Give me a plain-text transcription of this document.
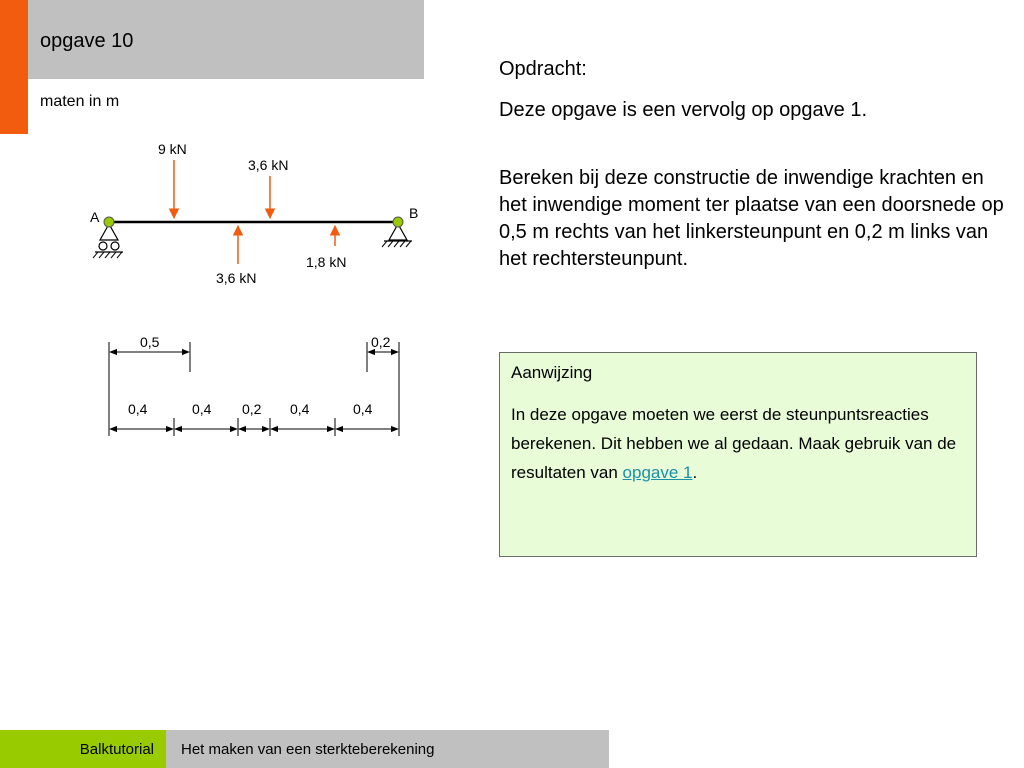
opgave 10
maten in m
A	B
9 kN
3,6 kN
3,6 kN
1,8 kN
0,5	0,2
0,4	0,4 0,2 0,4	0,4

Opdracht:

Deze opgave is een vervolg op opgave 1.

Bereken bij deze constructie de inwendige krachten en het inwendige moment ter plaatse van een doorsnede op 0,5 m rechts van het linkersteunpunt en 0,2 m links van het rechtersteunpunt.

Aanwijzing
In deze opgave moeten we eerst de steunpuntsreacties berekenen. Dit hebben we al gedaan. Maak gebruik van de resultaten van opgave 1.
Balktutorial Het maken van een sterkteberekening
